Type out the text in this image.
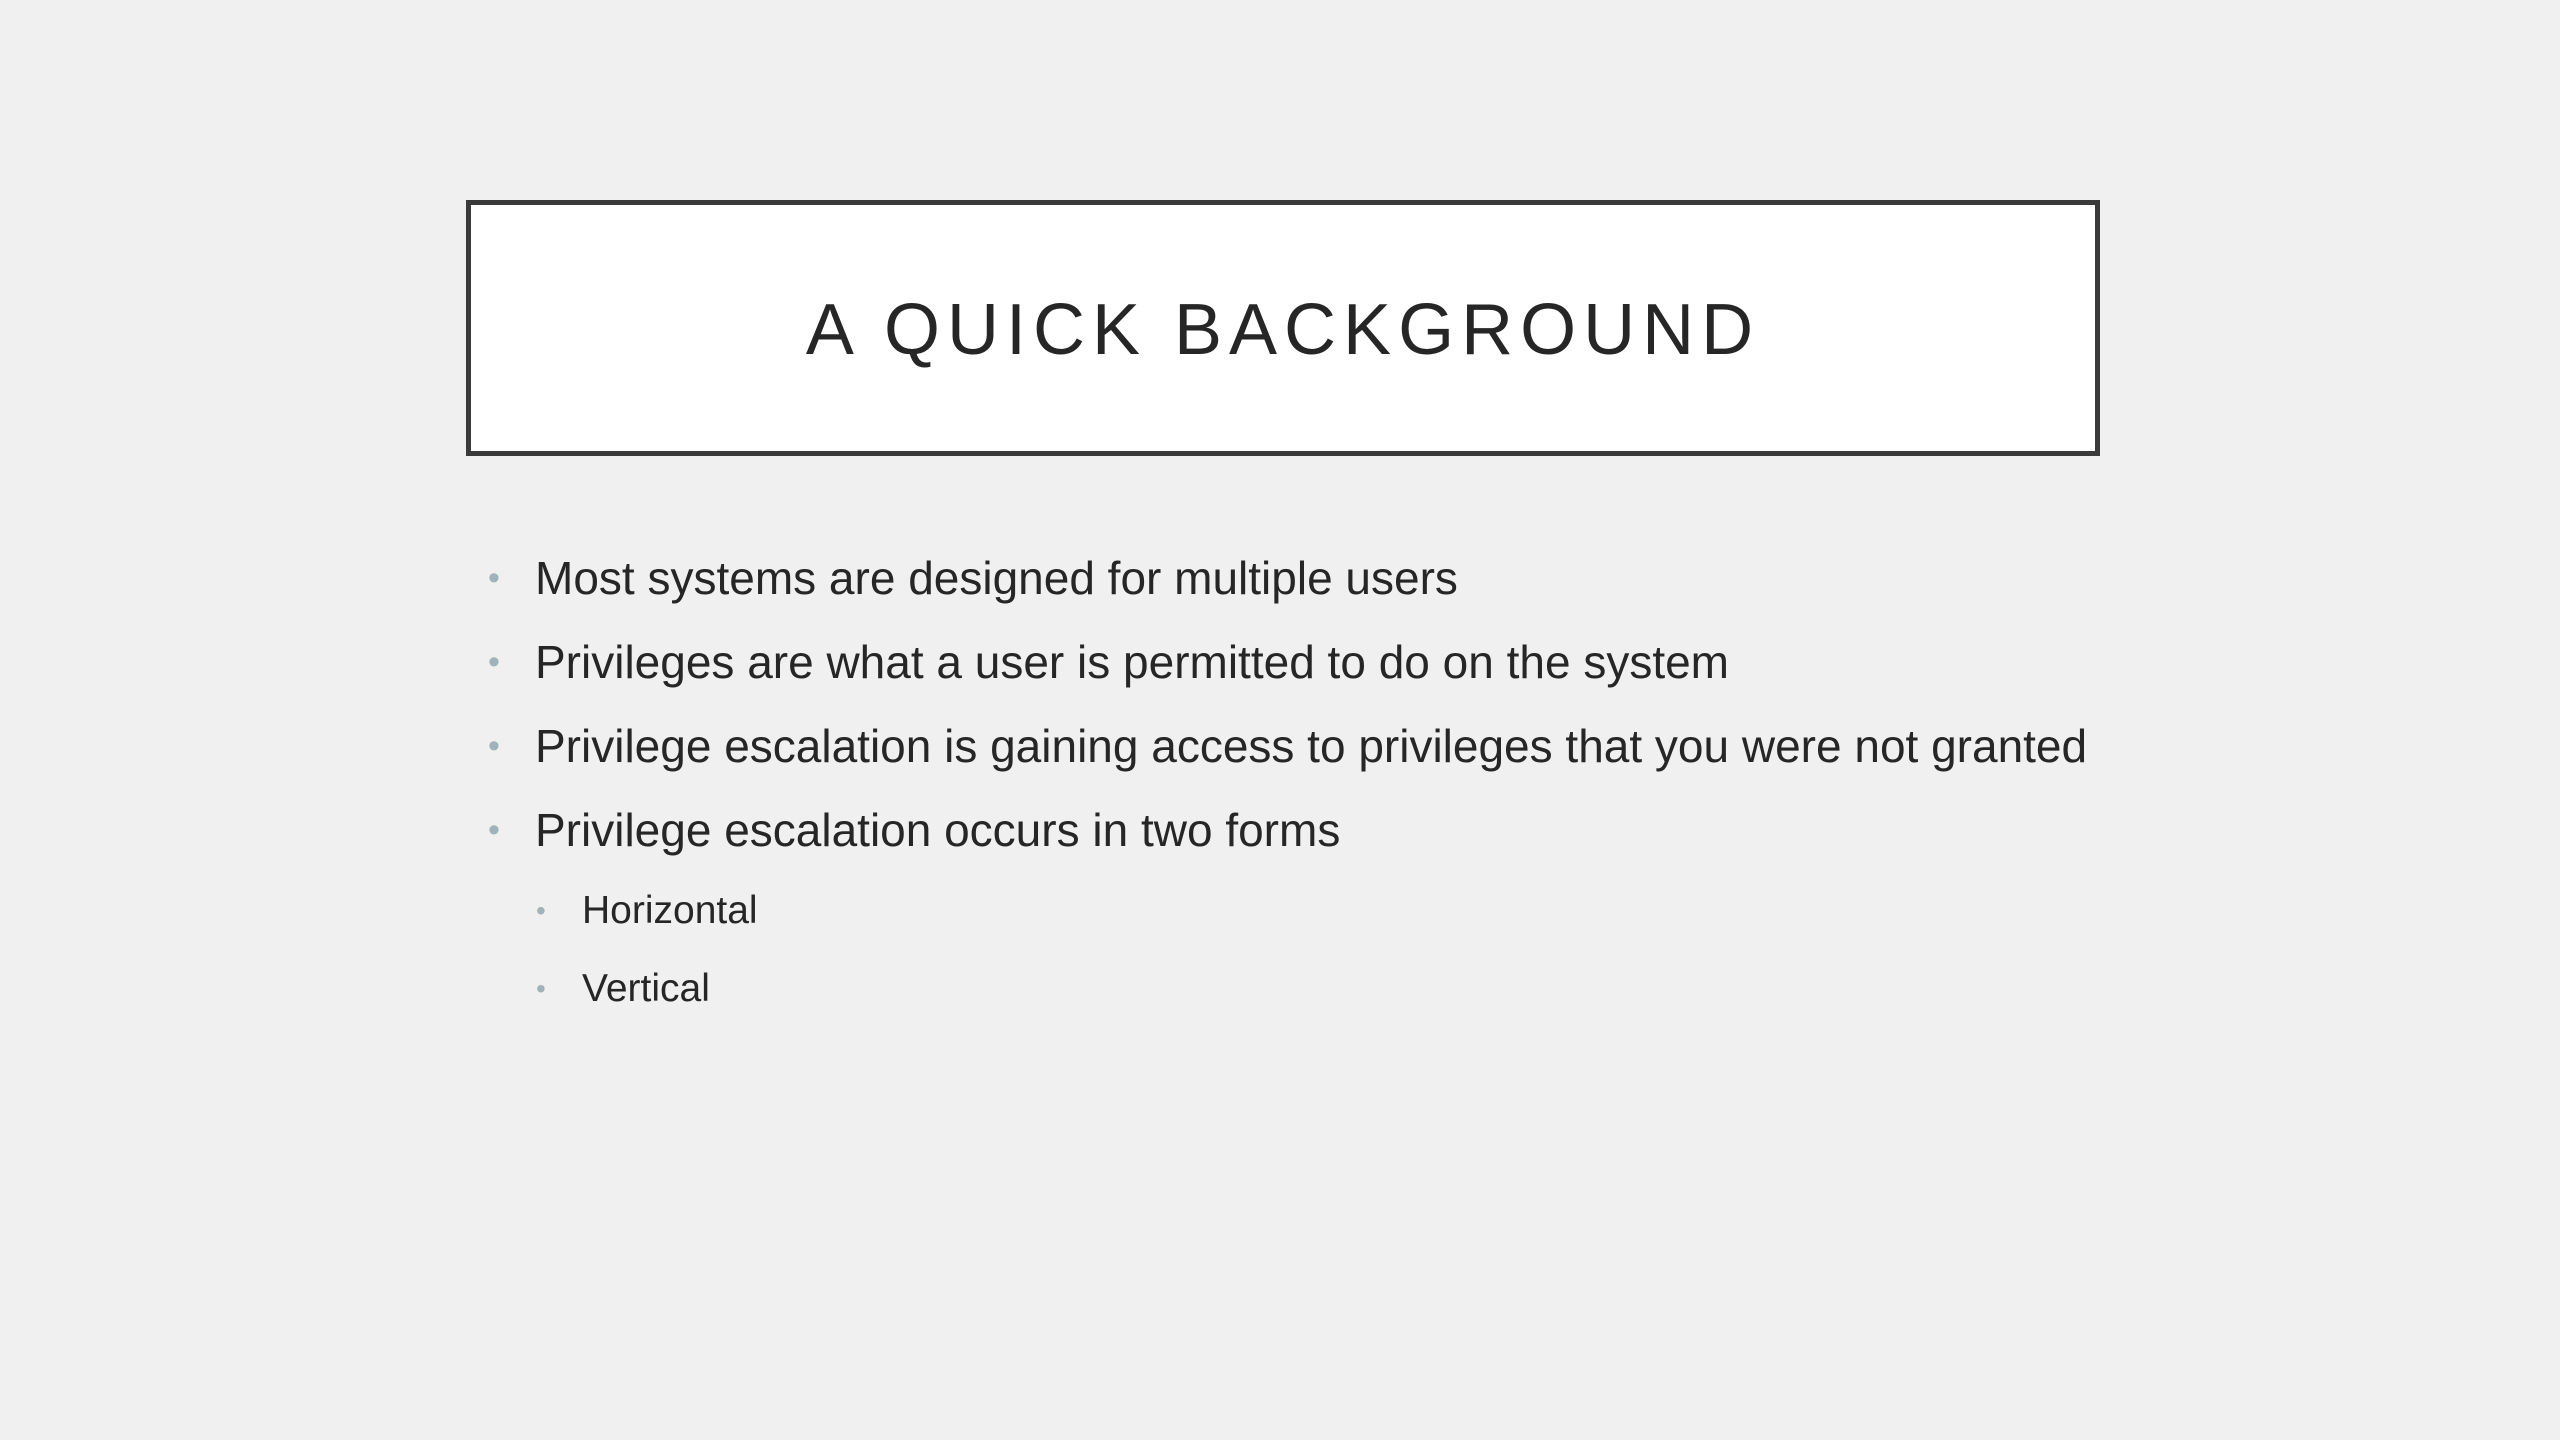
A QUICK BACKGROUND
• Most systems are designed for multiple users
• Privileges are what a user is permitted to do on the system
• Privilege escalation is gaining access to privileges that you were not granted
• Privilege escalation occurs in two forms
• Horizontal
• Vertical
